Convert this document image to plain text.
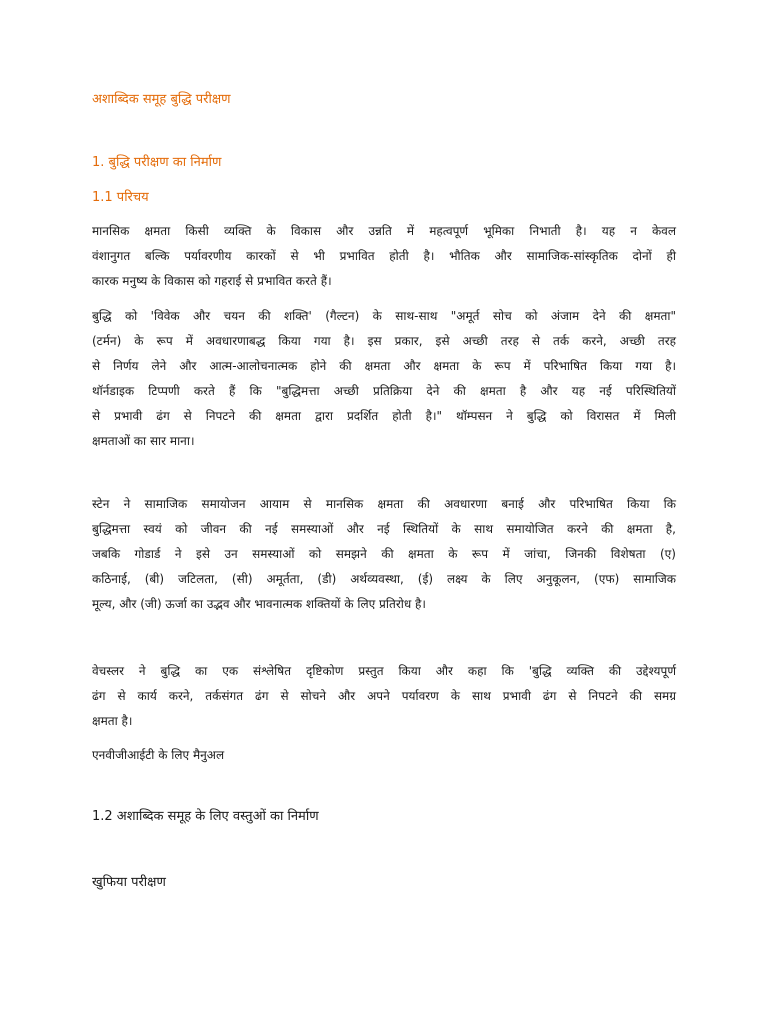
अशाब्दिक समूह बुद्धि परीक्षण
1. बुद्धि परीक्षण का निर्माण
1.1 परिचय

मानसिक क्षमता किसी व्यक्ति के विकास और उन्नति में महत्वपूर्ण भूमिका निभाती है। यह न केवल
वंशानुगत बल्कि पर्यावरणीय कारकों से भी प्रभावित होती है। भौतिक और सामाजिक-सांस्कृतिक दोनों ही
कारक मनुष्य के विकास को गहराई से प्रभावित करते हैं।

बुद्धि को 'विवेक और चयन की शक्ति' (गैल्टन) के साथ-साथ "अमूर्त सोच को अंजाम देने की क्षमता"
(टर्मन) के रूप में अवधारणाबद्ध किया गया है। इस प्रकार, इसे अच्छी तरह से तर्क करने, अच्छी तरह
से निर्णय लेने और आत्म-आलोचनात्मक होने की क्षमता और क्षमता के रूप में परिभाषित किया गया है।
थॉर्नडाइक टिप्पणी करते हैं कि "बुद्धिमत्ता अच्छी प्रतिक्रिया देने की क्षमता है और यह नई परिस्थितियों
से प्रभावी ढंग से निपटने की क्षमता द्वारा प्रदर्शित होती है।" थॉम्पसन ने बुद्धि को विरासत में मिली
क्षमताओं का सार माना।

स्टेन ने सामाजिक समायोजन आयाम से मानसिक क्षमता की अवधारणा बनाई और परिभाषित किया कि
बुद्धिमत्ता स्वयं को जीवन की नई समस्याओं और नई स्थितियों के साथ समायोजित करने की क्षमता है,
जबकि गोडार्ड ने इसे उन समस्याओं को समझने की क्षमता के रूप में जांचा, जिनकी विशेषता (ए)
कठिनाई, (बी) जटिलता, (सी) अमूर्तता, (डी) अर्थव्यवस्था, (ई) लक्ष्य के लिए अनुकूलन, (एफ) सामाजिक
मूल्य, और (जी) ऊर्जा का उद्भव और भावनात्मक शक्तियों के लिए प्रतिरोध है।

वेचस्लर ने बुद्धि का एक संश्लेषित दृष्टिकोण प्रस्तुत किया और कहा कि 'बुद्धि व्यक्ति की उद्देश्यपूर्ण
ढंग से कार्य करने, तर्कसंगत ढंग से सोचने और अपने पर्यावरण के साथ प्रभावी ढंग से निपटने की समग्र
क्षमता है।

एनवीजीआईटी के लिए मैनुअल

1.2 अशाब्दिक समूह के लिए वस्तुओं का निर्माण
खुफिया परीक्षण
